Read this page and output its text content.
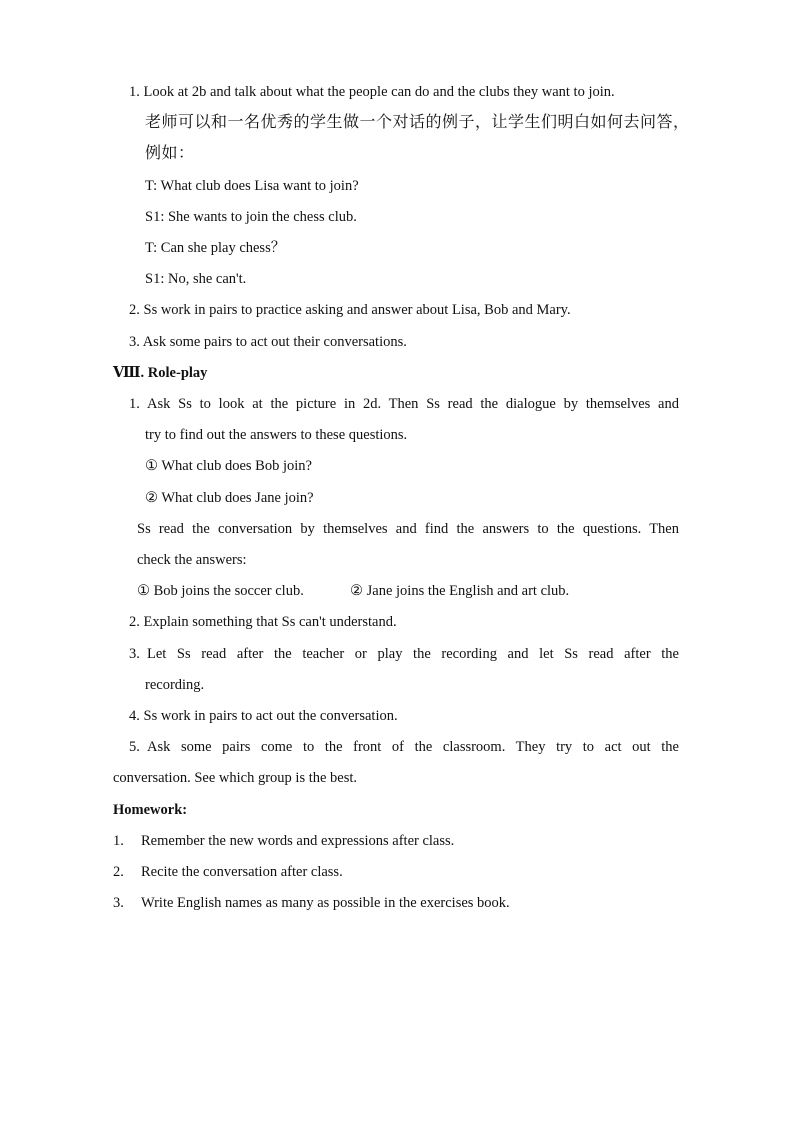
1. Look at 2b and talk about what the people can do and the clubs they want to join.
老师可以和一名优秀的学生做一个对话的例子，让学生们明白如何去问答，
例如：
T: What club does Lisa want to join?
S1: She wants to join the chess club.
T: Can she play chess？
S1: No, she can't.
2. Ss work in pairs to practice asking and answer about Lisa, Bob and Mary.
3. Ask some pairs to act out their conversations.
Ⅷ. Role-play
1. Ask Ss to look at the picture in 2d. Then Ss read the dialogue by themselves and
try to find out the answers to these questions.
① What club does Bob join?
② What club does Jane join?
Ss read the conversation by themselves and find the answers to the questions. Then
check the answers:
① Bob joins the soccer club.	② Jane joins the English and art club.
2. Explain something that Ss can't understand.
3. Let Ss read after the teacher or play the recording and let Ss read after the
recording.
4. Ss work in pairs to act out the conversation.
5. Ask some pairs come to the front of the classroom. They try to act out the
conversation. See which group is the best.
Homework:
1. Remember the new words and expressions after class.
2. Recite the conversation after class.
3. Write English names as many as possible in the exercises book.
